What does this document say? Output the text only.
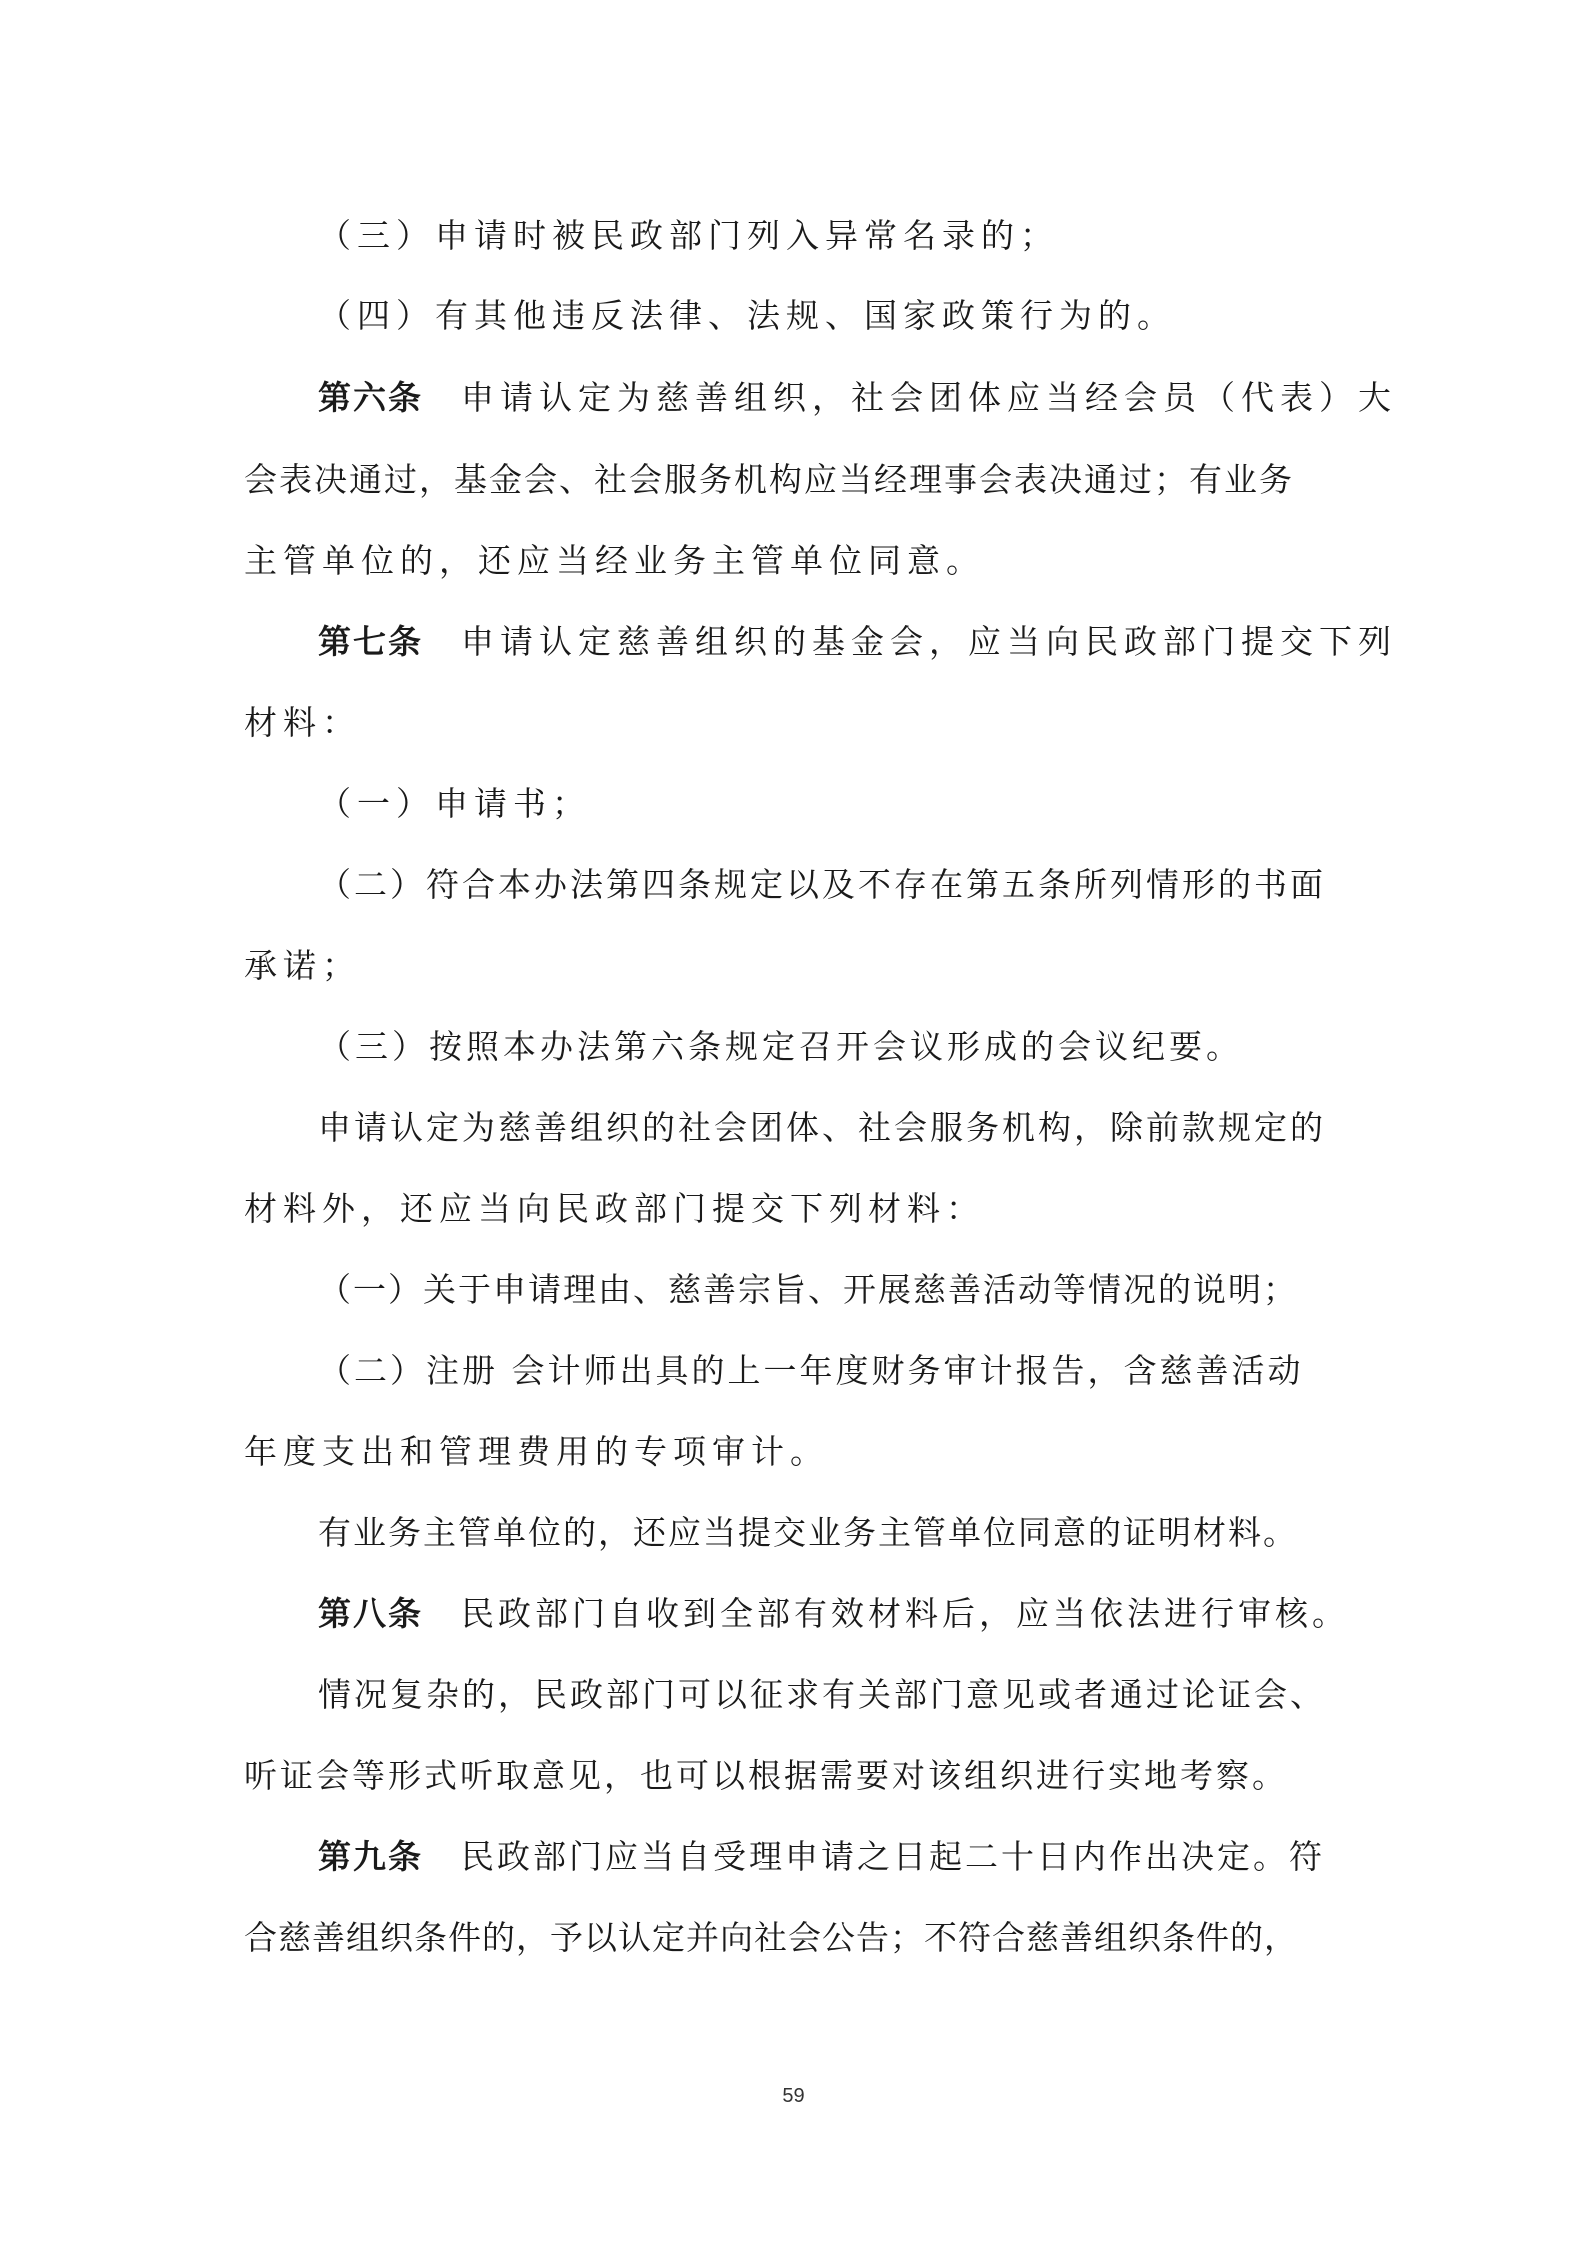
（三）申请时被民政部门列入异常名录的；
（四）有其他违反法律、法规、国家政策行为的。
第六条 申请认定为慈善组织，社会团体应当经会员（代表）大
会表决通过，基金会、社会服务机构应当经理事会表决通过；有业务
主管单位的，还应当经业务主管单位同意。
第七条 申请认定慈善组织的基金会，应当向民政部门提交下列
材料：
（一）申请书；
（二）符合本办法第四条规定以及不存在第五条所列情形的书面
承诺；
（三）按照本办法第六条规定召开会议形成的会议纪要。
申请认定为慈善组织的社会团体、社会服务机构，除前款规定的
材料外，还应当向民政部门提交下列材料：
（一）关于申请理由、慈善宗旨、开展慈善活动等情况的说明；
（二）注册 会计师出具的上一年度财务审计报告，含慈善活动
年度支出和管理费用的专项审计。
有业务主管单位的，还应当提交业务主管单位同意的证明材料。
第八条 民政部门自收到全部有效材料后，应当依法进行审核。
情况复杂的，民政部门可以征求有关部门意见或者通过论证会、
听证会等形式听取意见，也可以根据需要对该组织进行实地考察。
第九条 民政部门应当自受理申请之日起二十日内作出决定。符
合慈善组织条件的，予以认定并向社会公告；不符合慈善组织条件的，
59
